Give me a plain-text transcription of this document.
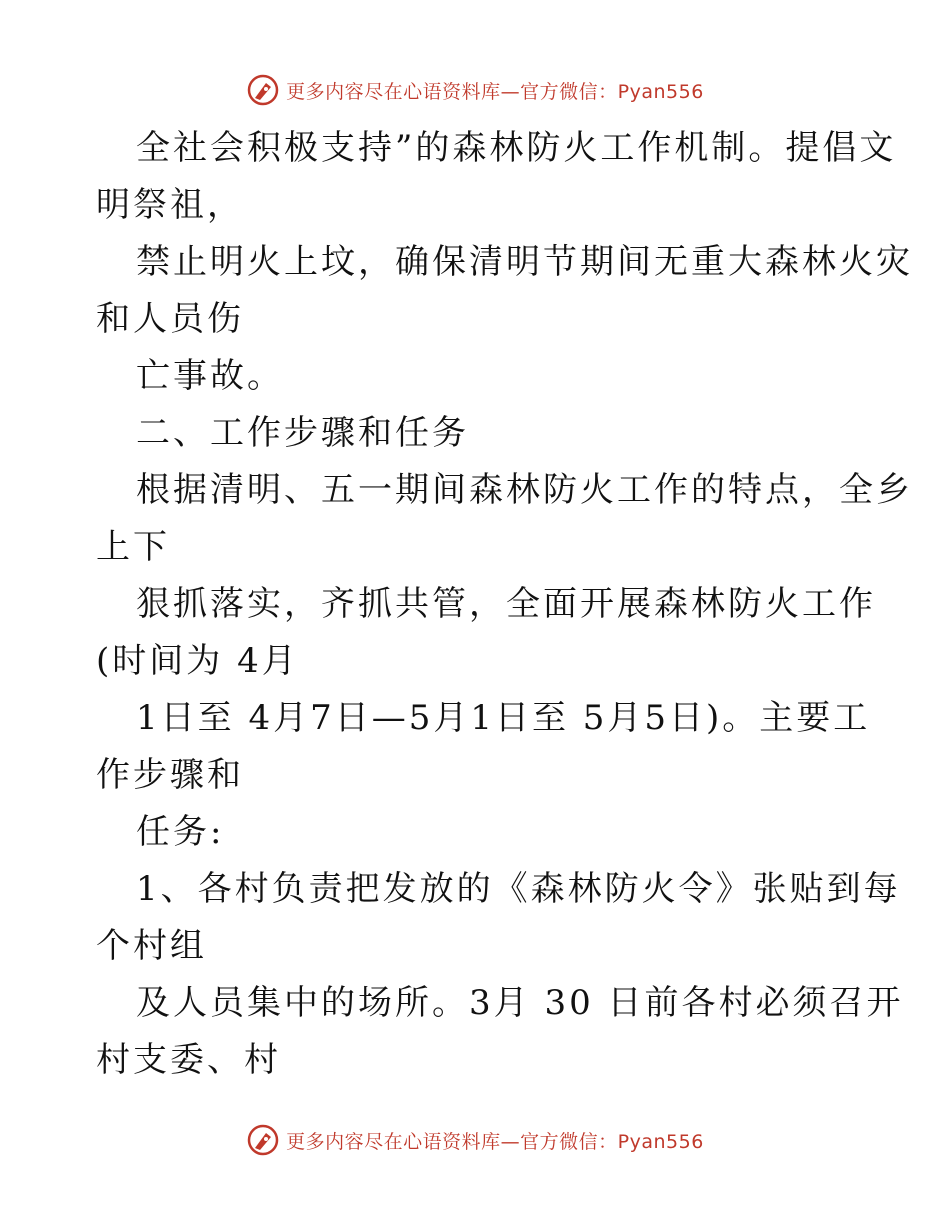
更多内容尽在心语资料库—官方微信：Pyan556
全社会积极支持”的森林防火工作机制。提倡文
明祭祖，
禁止明火上坟，确保清明节期间无重大森林火灾
和人员伤
亡事故。
二、工作步骤和任务
根据清明、五一期间森林防火工作的特点，全乡
上下
狠抓落实，齐抓共管，全面开展森林防火工作
(时间为 4月
1日至 4月7日—5月1日至 5月5日)。主要工
作步骤和
任务:
1、各村负责把发放的《森林防火令》张贴到每
个村组
及人员集中的场所。3月 30 日前各村必须召开
村支委、村
更多内容尽在心语资料库—官方微信：Pyan556
